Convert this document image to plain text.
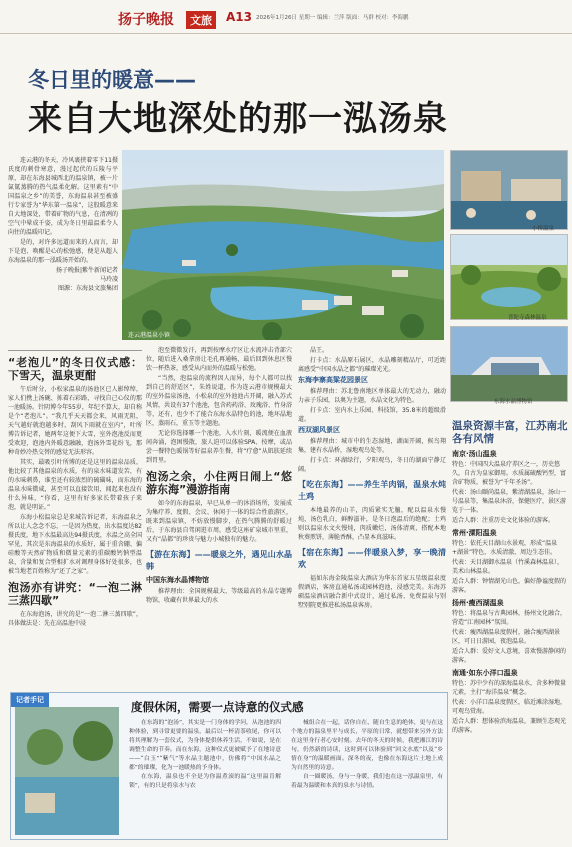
扬子晚报	文旅	A13 2026年1月26日 星期一 编辑：兰萍 版面：马群 校对：李海鹏
冬日里的暖意——
来自大地深处的那一泓汤泉
连云港温泉小镇
小桥温泉
普陀寺森林温泉
东海水晶博物馆

连云港的冬天，冷风裹挟着零下11摄氏度的刺骨寒意，漫过起伏的丘陵与平原，却在东海县城西北的温泉镇，被一片氤氲蒸腾的热气温柔化解。这里素有“中国温泉之乡”的美誉，东海温泉甚至被盛行专家誉为“华东第一温泉”，这股暖意来自大地深处，带着矿物的气息，在清冽的空气中晕成千姿，成为冬日里最温柔令人向往的温暖印记。

是的，对许多远道而来的人而言，却下是泡、唤醒是心的松弛感，便是从超人东海温泉的那一泓暖汤开始的。

扬子晚报|紫牛新闻记者
马玲凌
图源：东海县文旅集团
“老泡儿”的冬日仪式感：下雪天，温泉更酣

午后时分，小松家温泉的汤池区已人影绰绰，家人们携上汤碗、拣着石彩路，寻找自己心仪的那一池暖汤。针阴博今年55岁，年纪不算大，却自称是个“老泡儿”。“我几乎天天都会来，风雨无阻，天气越好就泡越多时，刮风下雨就在室内”，叶所博告诉记者，她两年这便下大雪，室外泡池反而更受欢迎，泡池内外暖意融融，泡汤外雪花纷飞，那种奇妙冷热交替的感觉无法形容。

其实，最吸引叶所博的还是这里的温泉品质，他比较了其他温泉的水质，有的泉水味道发苦，有的水味刺鼻，谁至还有较浓烈的硫磺味，而东海的温泉水味微咸，甚至可以直接饮用，闻起来也没有什么异味，“你看，这里有好多家长带着孩子来泡，就是明证。”

东海小松温泉总是来城告诉记者，东海温泉之所以让人念念不忘，一是因为热度，出水温度达82摄氏度，地下水温最高达94摄氏度，水温之高全国罕见，其次是东海温泉的水质好，属于重含硼、偏硅酸等天然矿物质和微量元素的重碳酸钙钠型温泉，含量和复合型相扩水对调理身体好处很多，也被当地老百姓称为“还了之家”。

泡汤亦有讲究：“一泡二淋三蒸四歇”

在东海泡汤，讲究的是“一泡二淋三蒸四歇”，具体做法是：先在高温池中浸

泡至微微发汗，再到按摩水疗区让水流冲击背部穴位，随后进入桑拿房让毛孔再通畅，最后回到休息区慢饮一杯热茶，感受从内而外的温暖与松弛。

“当然，泡温泉的流程因人而异，每个人都可以找到自己的舒适区”，朱姓说道，作为连云港市规模最大的室外温泉汤池，小松泉的室外池池占开阔，融入苏式风情，共设有37个池池，包含药药浴、玫瑰浴、竹身浴等，还有，也少不了能合东海水晶特色的池，地坏晶地区，蒸雨石，重玉等主题池。

无论你选择哪一个池池，入水片刻，暖流便在血液间奔涌，泡困慢散，旅人迫可以体验SPA、按摩，或品尝一餐特色暖锅等好温泉养生餐，将“疗愈”从肌肤延续到胃里。

泡汤之余，小住两日闹上“悠游东海”漫游指南

如今的东海温泉，早已从单一的沐浴场所，发展成为集疗养、度假、会议、休闲于一体的综合性旅游区，既来到温泉镇，不妨放慢脚步，在热气腾腾的舒暖过后，于东海县自驾闲逛市周，感受这座矿泉城市里重，又有“晶都”的珍贵与魅力小城独有的魅力。

【游在东海】——暖泉之外，遇见山水晶韩
中国东海水晶博物馆

推荐理由：全国规模最大、等级最高的水晶专题博物馆，收藏有世界最大的水

晶王。

打卡点：水晶原石展区，水晶雕刻精品厅，可近距离感受“中国水晶之都”的璀璨光光。

东海李寨高粱花园景区

推荐理由：苏北鲁南地区单体最大的无动力，融动力亲子乐园，以奥为主题，水晶文化为特色。

打卡点：室内水上乐园、科技馆，35.8米的超级滑道。

西双湖风景区

推荐理由：城市中的生态湿地，湖面开阔，候鸟翔集，建有水晶桥，湿地观鸟处等。

打卡点：环湖绿行，夕阳观鸟，冬日的湖面宁静辽阔。

【吃在东海】——养生羊肉锅，温泉水炖土鸡

本地最养的山羊，肉质紧实无膻，配以温泉水慢炖，汤色乳白，鲜醇滋补，是冬日泡温后的绝配；土鸡则以温泉水文火慢炖，肉质嫩烂，汤体清爽，搭配本地秋葵煎饼，薄脆香酥，凸显本真滋味。

【宿在东海】——伴暖泉入梦，享一晚清欢

福如东海金陵温泉大酒店为华东首家五星级温泉度假酒店，客房直通私汤或园林泡池，浸感完美。东海苏硕温泉酒店融合新中式设计，通过私汤、免费温泉与别墅别院更推进私汤温泉客房。

温泉资源丰富，江苏南北各有风情
南京·汤山温泉

特色：中国四大温泉疗养区之一，历史悠久，自古为皇家御用。水质属硫酸钙型，富含矿物质，被誉为“千年圣汤”。

代表：汤山颐尚温泉，紫清湖温泉，汤山一号温泉等，集温泉沐浴，保健医疗，景区游览于一体。

适合人群：注重历史文化体验的游客。

常州·溧阳温泉

特色：依托天目湖山水景观，形成“温泉+湖景”特色，水质清澈，周边生态佳。

代表：天目湖御水温泉（竹溪森林温泉），美术山林温泉。

适合人群：钟情湖光山色，偏好静谧度假的游客。

扬州·瘦西湖温泉

特色：将温泉与古典园林，扬州文化融合，营造“江南园林”氛围。

代表：瘦西湖温泉度假村，融合瘦西湖景区，可日日游园，夜泡温泉。

适合人群：爱好文人意境，喜欢慢游静闲的游客。

南通·如东小洋口温泉

特色：苏中少有的深海温泉水，含多种微量元素，主打“海洋温泉”概念。

代表：小洋口温泉度假区，临近滩涂湿地，可观鸟赏海。

适合人群：想体验滨海温泉，兼顾生态观光的游客。

记者手记	度假休闲，需要一点诗意的仪式感

在东海的“泡汤”，其实是一门身体的学问，从泡池的四种体验，到寻常更要的温泉，最后以一杯清茶收尾，你可以将其理解为一套仪式，为身体提供休养生活，不如说，是在调整生命的节奏。而在东海，这种仪式更被赋予了在地诗意——“白玉”“紫气”等水晶主题池中，仿佛将“中国水晶之都”的璀璨，化为一池暖热的予身体。

在东海，温泉也不全是为你温煮滚的温“这里温肯解锁”，有的只是将泉水与农

械组合在一起，话你自在、随自生息的绝体，更与在这个地方的温泉里平与成长，平原的日常，就想带来另外方法在这里身行者心安时刻。去年的冬天的时候，我把湘江的诗句，仍然新的诗读，这时到可以体验到“回文水底”以及“乡情在身”的温暖画面。深冬的夜，也像在东海这片土地上成为自然里的诗意。

自一圈暖汤，身与一身暖，我们也在这一泓温泉里，有着最为温暖和本真的泉水与诗情。
